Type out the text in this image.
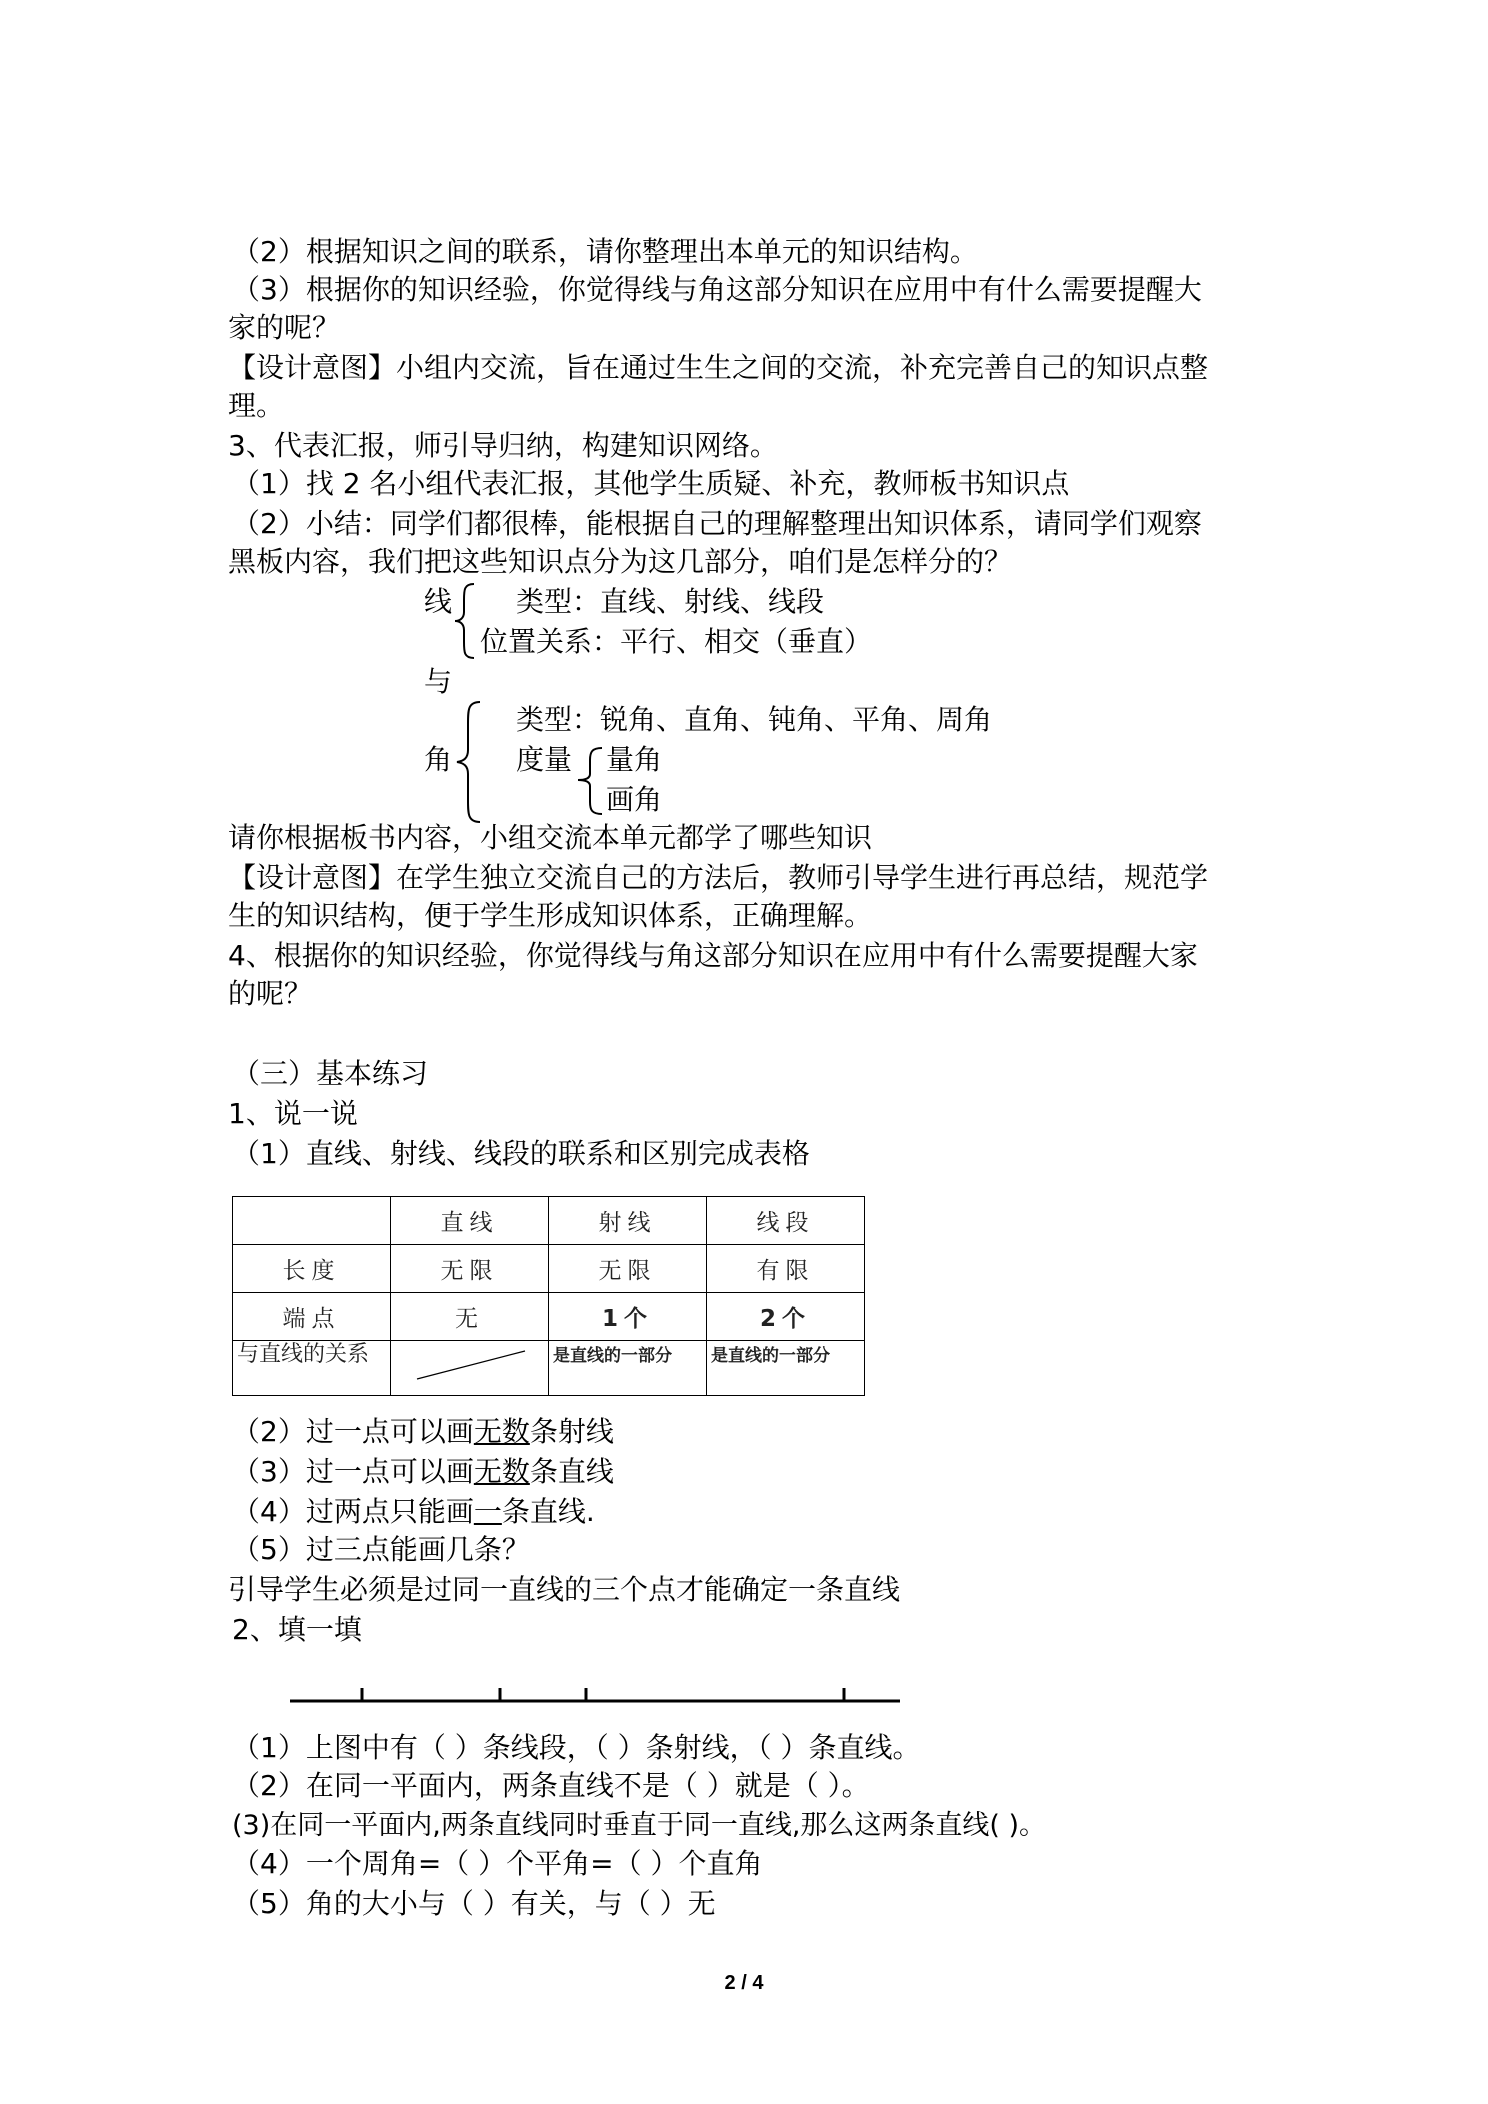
（2）根据知识之间的联系，请你整理出本单元的知识结构。
（3）根据你的知识经验，你觉得线与角这部分知识在应用中有什么需要提醒大
家的呢？
【设计意图】小组内交流，旨在通过生生之间的交流，补充完善自己的知识点整
理。
3、代表汇报，师引导归纳，构建知识网络。
（1）找 2 名小组代表汇报，其他学生质疑、补充，教师板书知识点
（2）小结：同学们都很棒，能根据自己的理解整理出知识体系，请同学们观察
黑板内容，我们把这些知识点分为这几部分，咱们是怎样分的？
线 类型：直线、射线、线段
位置关系：平行、相交（垂直）
与
角
类型：锐角、直角、钝角、平角、周角
度量 量角
画角
请你根据板书内容，小组交流本单元都学了哪些知识
【设计意图】在学生独立交流自己的方法后，教师引导学生进行再总结，规范学
生的知识结构，便于学生形成知识体系，正确理解。
4、根据你的知识经验，你觉得线与角这部分知识在应用中有什么需要提醒大家
的呢？
（三）基本练习
1、说一说
（1）直线、射线、线段的联系和区别完成表格
	直线	射线	线段
长度	无限	无限	有限
端点	无	1个	2个
与直线的关系		是直线的一部分	是直线的一部分
（2）过一点可以画无数条射线
（3）过一点可以画无数条直线
（4）过两点只能画一条直线.
（5）过三点能画几条？
引导学生必须是过同一直线的三个点才能确定一条直线
2、填一填
（1）上图中有（ ）条线段，（ ）条射线，（ ）条直线。
（2）在同一平面内，两条直线不是（ ）就是（ ）。
(3)在同一平面内,两条直线同时垂直于同一直线,那么这两条直线( )。
（4）一个周角=（ ）个平角=（ ）个直角
（5）角的大小与（ ）有关，与（ ）无
2 / 4
